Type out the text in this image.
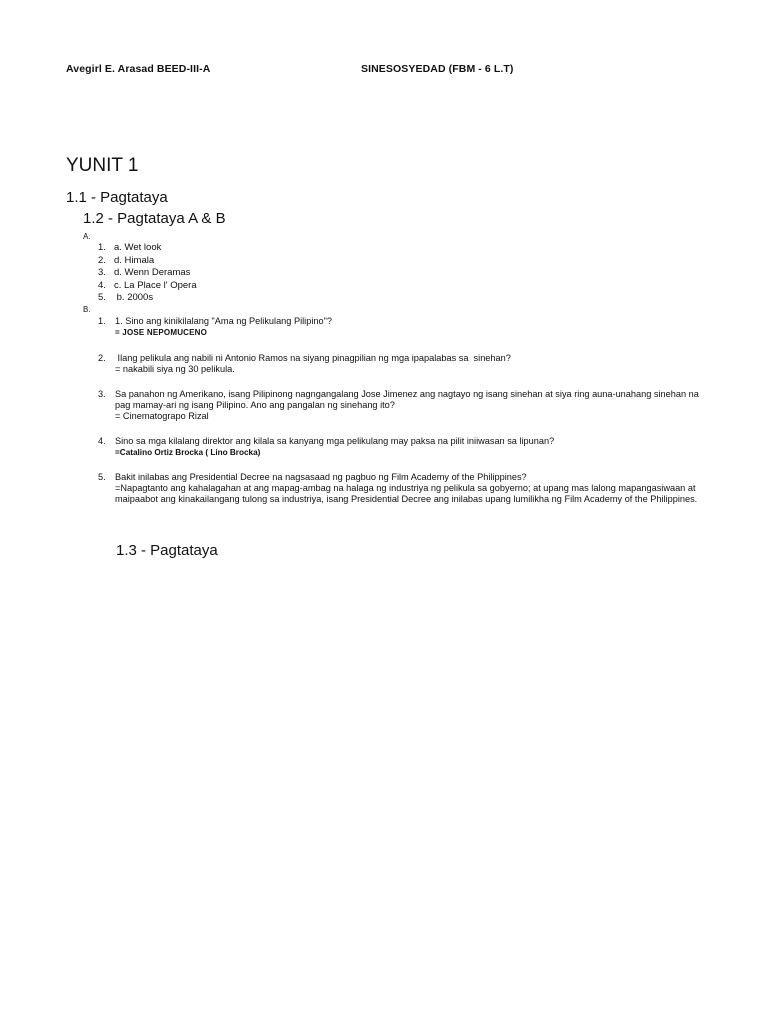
Avegirl E. Arasad BEED-III-A	SINESOSYEDAD (FBM - 6 L.T)
YUNIT 1
1.1 - Pagtataya
1.2 - Pagtataya A & B
A.
1. a. Wet look
2. d. Himala
3. d. Wenn Deramas
4. c. La Place l' Opera
5. b. 2000s
B.
1.	1. Sino ang kinikilalang "Ama ng Pelikulang Pilipino"?
= JOSE NEPOMUCENO
2.	Ilang pelikula ang nabili ni Antonio Ramos na siyang pinagpilian ng mga ipapalabas sa  sinehan?
= nakabili siya ng 30 pelikula.
3.	Sa panahon ng Amerikano, isang Pilipinong nagngangalang Jose Jimenez ang nagtayo ng isang sinehan at siya ring auna-unahang sinehan na pag mamay-ari ng isang Pilipino. Ano ang pangalan ng sinehang ito?
= Cinematograpo Rizal
4.	Sino sa mga kilalang direktor ang kilala sa kanyang mga pelikulang may paksa na pilit iniiwasan sa lipunan?
=Catalino Ortiz Brocka ( Lino Brocka)
5.	Bakit inilabas ang Presidential Decree na nagsasaad ng pagbuo ng Film Academy of the Philippines?
=Napagtanto ang kahalagahan at ang mapag-ambag na halaga ng industriya ng pelikula sa gobyerno; at upang mas lalong mapangasiwaan at maipaabot ang kinakailangang tulong sa industriya, isang Presidential Decree ang inilabas upang lumilikha ng Film Academy of the Philippines.
1.3 - Pagtataya
